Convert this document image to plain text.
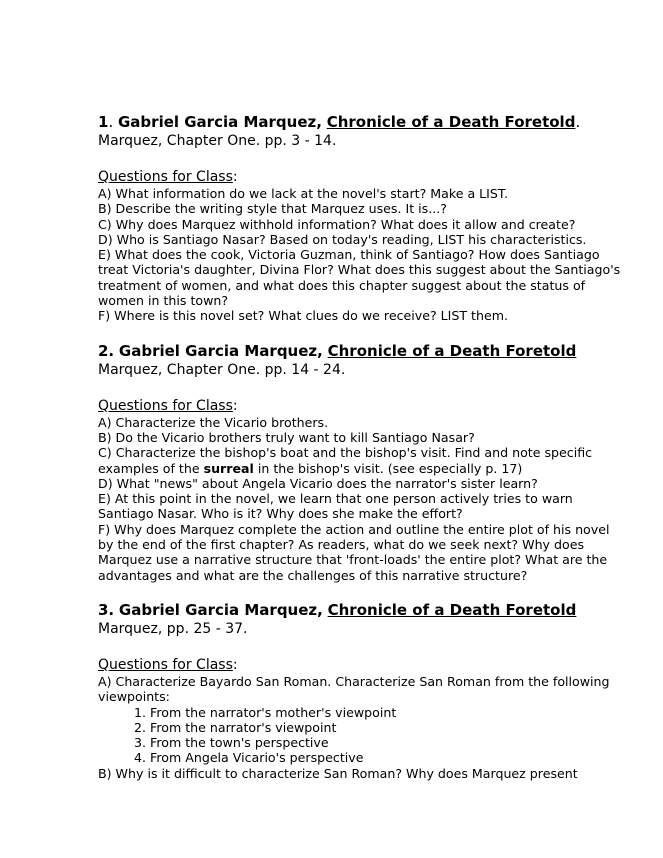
1. Gabriel Garcia Marquez, Chronicle of a Death Foretold.

Marquez, Chapter One. pp. 3 - 14.

Questions for Class:

A) What information do we lack at the novel's start? Make a LIST.

B) Describe the writing style that Marquez uses. It is...?

C) Why does Marquez withhold information? What does it allow and create?

D) Who is Santiago Nasar? Based on today's reading, LIST his characteristics.

E) What does the cook, Victoria Guzman, think of Santiago? How does Santiago treat Victoria's daughter, Divina Flor? What does this suggest about the Santiago's treatment of women, and what does this chapter suggest about the status of women in this town?

F) Where is this novel set? What clues do we receive? LIST them.

2. Gabriel Garcia Marquez, Chronicle of a Death Foretold

Marquez, Chapter One. pp. 14 - 24.

Questions for Class:

A) Characterize the Vicario brothers.

B) Do the Vicario brothers truly want to kill Santiago Nasar?

C) Characterize the bishop's boat and the bishop's visit. Find and note specific examples of the surreal in the bishop's visit. (see especially p. 17)

D) What "news" about Angela Vicario does the narrator's sister learn?

E) At this point in the novel, we learn that one person actively tries to warn Santiago Nasar. Who is it? Why does she make the effort?

F) Why does Marquez complete the action and outline the entire plot of his novel by the end of the first chapter? As readers, what do we seek next? Why does Marquez use a narrative structure that 'front-loads' the entire plot? What are the advantages and what are the challenges of this narrative structure?

3. Gabriel Garcia Marquez, Chronicle of a Death Foretold

Marquez, pp. 25 - 37.

Questions for Class:

A) Characterize Bayardo San Roman. Characterize San Roman from the following viewpoints:

1. From the narrator's mother's viewpoint

2. From the narrator's viewpoint

3. From the town's perspective

4. From Angela Vicario's perspective

B) Why is it difficult to characterize San Roman? Why does Marquez present
